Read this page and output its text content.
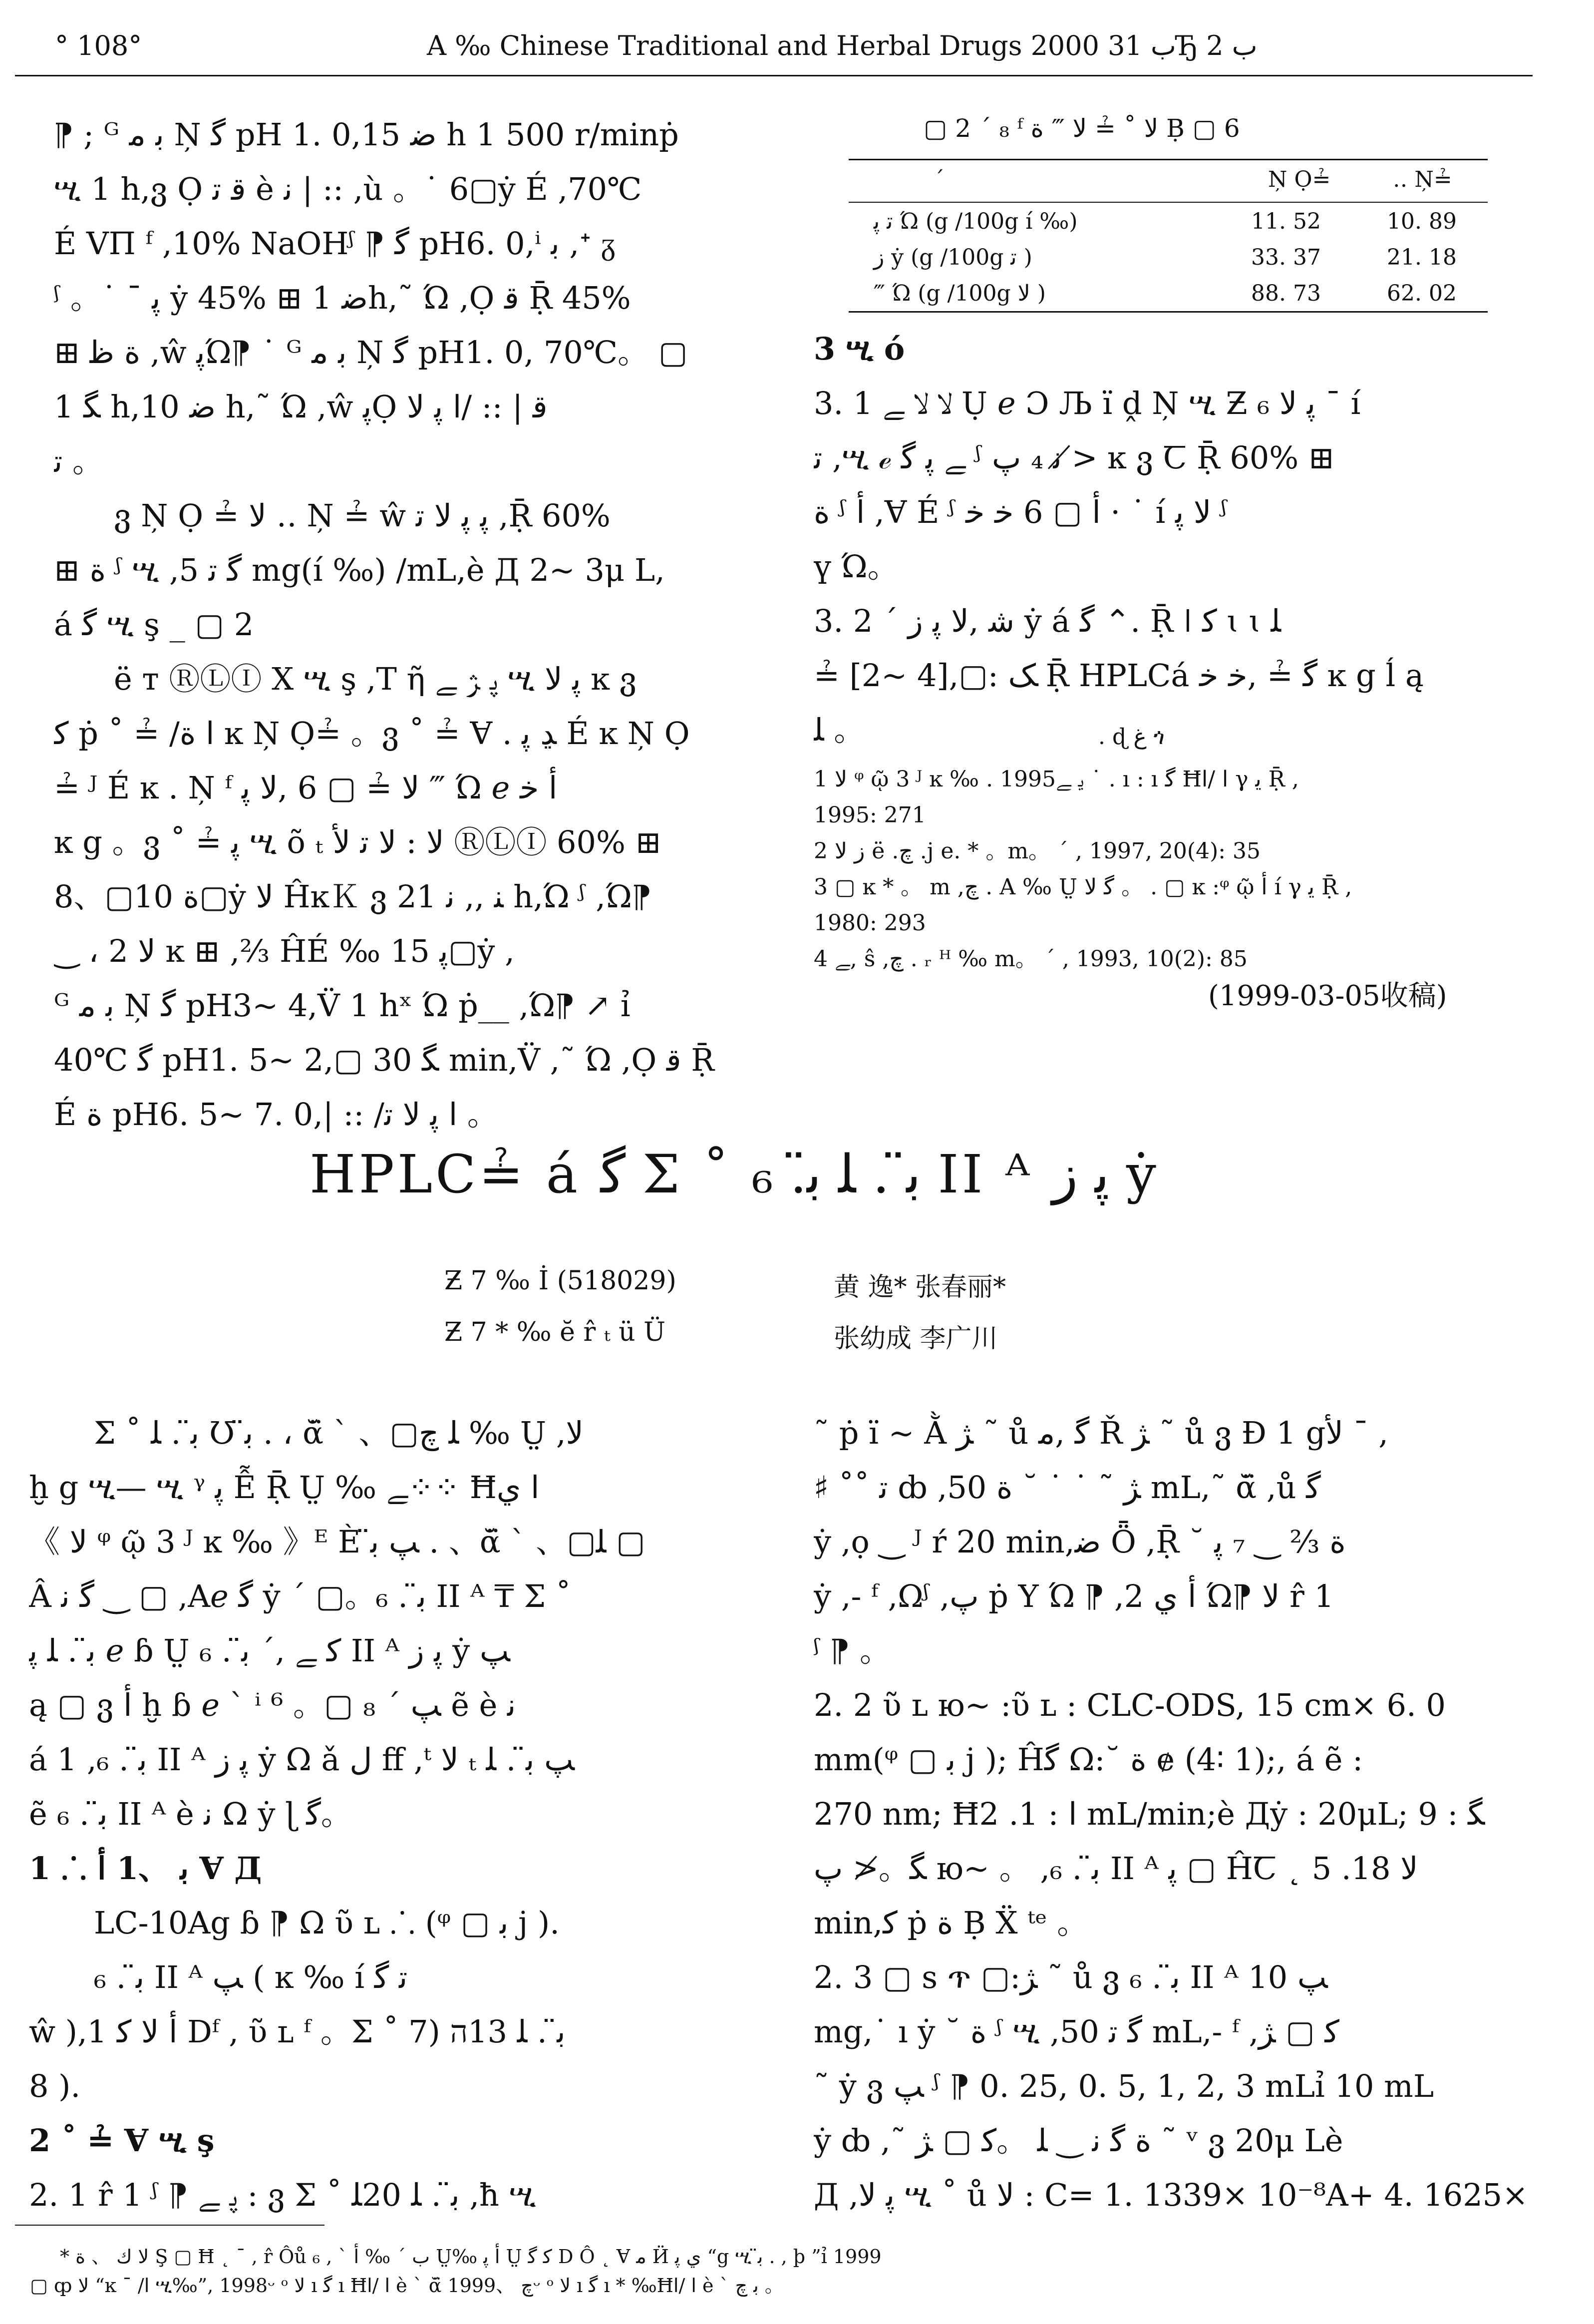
° 108°	A ‰ Chinese Traditional and Herbal Drugs 2000 ب 31Ђ ب 2

⁋ ; ᴳ ﺑ ﻣ Ņ ﮔ pH 1. 0,ﺿ 15 h 1 500 r/minṗ

ሢ 1 h,ვ Ọ ﻗ ﺗ è ﻧ | :: ,ù 。˙ 6▢ẏ É ,70℃

É VΠ ᶠ ,10% NaOHᶴ ⁋ ﮔ pH6. 0,ⁱ ﺑ ,ᐩ ᵹ

ᶴ 。˙ ˉ ﭘ ẏ 45% ⊞ ﺿ 1h,˜ Ώ ,Ọ ﻗ Ṝ 45%

⊞ ﺓ ﻇ ,ŵ ﭘΏ⁋ ˙ ᴳ ﺑ ﻣ Ņ ﮔ pH1. 0, 70℃。 ▢

ﮕ 1 h,ﺿ 10 h,˜ Ώ ,ŵ ﭘỌ ﻗ | :: /ا ﭘ ﻻ

ﺗ 。

ვ Ņ Ọ ≟ ﻻ ‥ Ņ ≟ ŵ ﭘ ﭘ ﻻ ﺗ ,Ṝ 60%

⊞ ﺓ ᶴ ሢ ,ﮔ ﺗ 5 mg(í ‰) /mL,è Д 2~ 3μ L,

á ﮔ ሢ ş _ ▢ 2

ë ᴛ ⓇⓁⒾ Ⅹ ሢ ş ,T ῆ ﭘ ﮋ ﮯ ሢ ﭘ ﻻ ĸ ვ

ﮐ ṗ ˚ ≟ /ا ﺓ ĸ Ņ Ọ≟ 。ვ ˚ ≟ Ɐ . ﮃ ﭘ É ĸ Ņ Ọ

≟ ᴶ É ĸ . Ņ ᶠ ﻻ ≟ ▢ 6 ,ﻻ ﭘ ‴ Ώ ℯ ﺃ ﺧ

ĸ g 。ვ ˚ ≟ ﭘ ሢ õ ₜ ﻻ : ﻻ ﺗ ﻷ ⓇⓁⒾ 60% ⊞

ﺓ 10▢、8▢ẏ ﻻ ĤĸＫ ვ 2ﻨ ,, ﻧ 1 h,Ώ ᶴ ,Ώ⁋

‿ ، ﻻ 2 ĸ ⊞ ,⅔ ĤÉ ‰ ﭘ 15▢ẏ ,

ᴳ ﺑ ﻣ Ņ ﮔ pH3~ 4,V̈ 1 hˣ Ώ ṗ__ ,Ώ⁋ ↗ ỉ

40℃ ﮔ pH1. 5~ 2,▢ ﮕ 30 min,V̈ ,˜ Ώ ,Ọ ﻗ Ṝ

É ﺓ pH6. 5~ 7. 0,| :: /ا ﭘ ﻻ ﺗ 。

▢ 2 ´ ₈ ᶠ ﻻ ˚ ≟ ﻻ ‴ ﺓ Ḅ ▢ 6
´	Ņ Ọ≟	‥ Ņ≟
ﺗ ﭘ Ώ (g /100g í ‰)	11. 52	10. 89
ﺯ ẏ (g /100g ﺗ )	33. 37	21. 18
‴ Ώ (g /100g ﻻ )	88. 73	62. 02

3 ሢ ó

3. 1 ﻻ ﻻ ﮯ Ụ ℯ Ɔ Љ ï ḓ Ņ ሢ Ƶ ﭘ ﻻ ₆ ˉ í

ﺗ ,ሢ ℯ ﮯ ﭘ ﮔ ᶴ ﻧ ₄ ﭖ ≯ ĸ ვ Ꞇ Ṝ 60% ⊞

ﺓ ᶴ ﺃ ,Ɐ É ᶴ ﺃ ▢ 6 ﺧ ﺧ · ˙ ı́ ﻻ ﭘ ᶴ

ү Ώ。

3. 2 ˊ ﺷ ,ﻻ ﭘ ﺯ ẏ á ﮔ ⌃. Ṝ ǀ ﮐ ɩ ɩ ﻠ

≟ [2~ 4],▢: ﮏ Ṝ HPLCá ﮔ ≟ ,ﺧ ﺧ ĸ g ĺ ą

ﻠ 。	. ɖ ﻍ ጎ

1 ﻻ ᵠ ῷ 3 ᴶ ĸ ‰ . 1995ﻳ ﮯ ˙ . ı : ı ﮔ Ħﺍ /ا γ ﻳ Ṝ ,

1995: 271

2 ﺯ ﻻ ë .ﭺ .j e. * 。m。 ˊ , 1997, 20(4): 35

3 ▢ ĸ * 。 m ,ﭺ . A ‰ Ṳ ﮔ ﻻ 。 . ▢ ĸ :ᵠ ῷ ﺃ í γ ﻳ Ṝ ,

1980: 293

4 ﮯ, ŝ ,ﭺ . ᵣ ᴴ ‰ m。 ˊ , 1993, 10(2): 85

(1999-03-05收稿)
HPLC≟ á ﮔ Σ ˚ ﺑ̈ . ﻠ ﺑ̈. ₆ II ᴬ ﭘ ﺯ ẏ
Ƶ 7 ‰ İ (518029)	黄 逸* 张春丽*
Ƶ 7 * ‰ ĕ r̂ ₜ ü Ü	张幼成 李广川

Σ ˚ ﺑ̈ . ﻠ Ʊ ﺑ̈ . ، ᾰ̈ ˋ 、▢ﻠ ﭺ ‰ Ṳ ,ﻻ

ḫ g ሢ— ሢ ᵞ ﭘ Ễ Ṝ Ṳ ‰ ﮯ⁘⁘ Ħﺍ ﻱ

《 ﻻ ᵠ ῷ 3 ᴶ ĸ ‰ 》ᴱ È ﭗ ﺑ̈ . 、ᾰ̈ ˋ 、▢ﻠ ▢

Â ﮔ ﻧ ‿ ▢ ,Aℯ ﮔ ẏ ´ ▢。ﺑ̈ . ₆ II ᴬ ₸ Σ ˚

ﺑ̈ . ﻠ ﭘ ℯ ɓ Ṳ ﮐ ﮯ ,ˊ ﺑ̈ . ₆ II ᴬ ﭘ ﺯ ẏ ﭗ

ą ▢ ვ ﺃ ḫ ɓ ℯ ˋ ⁱ ⁶ 。▢ ﭗ ´ ₈ ẽ è ﻧ

á 1 ,ﺑ̈ . ₆ II ᴬ ﭘ ﺯ ẏ Ω ǎ ﻝ ﬀ ,ᵗ ﻻ ₜ ﭗ ﺑ̈ . ﻠ

ẽ ﺑ̈ . ₆ II ᴬ è ﻧ Ω ẏ ɭ ﮔ。

1 ⸫ ﺑ 、1 ﺃ Ɐ Д

LC-10Ag ɓ ⁋ Ω ῦ ʟ ⸫ (ᵠ ▢ ﺑ j ).

ﺑ̈ . ₆ II ᴬ ﭗ ( ĸ ‰ í ﺗ ﮔ

ŵ ),1 ﺃ ﻻ ﮐ Dᶠ , ῦ ʟ ᶠ 。Σ ˚ ﺑ̈ . ﻠ 13ה (7

8 ).

2 ˚ ≟ Ɐ ሢ ş

2. 1 r̂ 1 ᶴ ⁋ ﭘ ﮯ : ვ Σ ˚ ﺑ̈ . ﻠ 20ﻠ ,ħ ሢ

˜ ṗ ï ~ Ằ ﮋ ˜ ů ﮔ ,ﻣ Ř ﮋ ˜ ů ვ Ɖ 1 gﻷ ˉ ,

♯ ˚˚ ﺗ ȸ ,ﮋ ˜ ˙ ˙ ˘ ﺓ 50 mL,˜ ᾰ̈ ,ů ﮔ

ẏ ,ọ ‿ ᴶ ŕ 20 min,ﺿ Ȫ ,Ṝ ˘ ﺓ ⅔ ‿ ₇ ﭘ

ẏ ,- ᶠ ,Ωᶴ ,ﭖ ṗ Ү Ώ ⁋ ,2 ﺃ ﻱ Ώ⁋ ﻻ r̂ 1

ᶴ ⁋ 。

2. 2 ῦ ʟ ю~ :ῦ ʟ : CLC-ODS, 15 cm× 6. 0

mm(ᵠ ▢ ﺑ j ); Ĥﮔ Ω:˘ ﺓ ɇ (4∶ 1);, á ẽ :

270 nm; Ħﺍ : 1. 2 mL/min;è Дẏ : 20μL; ﮕ : 9

ﮕ。≯ ﭖ ю~ 。 ,ﺑ̈ . ₆ II ᴬ ﭘ ▢ ĤꞆ ˛ ﻻ 18. 5

min,ﮐ ṗ ﺓ Ḅ Ẍ ᵗᵉ 。

2. 3 ▢ s ጥ ▢:ﮋ ˜ ů ვ ﺑ̈ . ₆ II ᴬ ﭗ 10

mg,˙ ı ẏ ˘ ﺓ ᶴ ሢ ,ﮔ ﺗ 50 mL,- ᶠ ,ﮐ ▢ ﮋ

˜ ẏ ვ ﭗ ᶴ ⁋ 0. 25, 0. 5, 1, 2, 3 mLỉ 10 mL

ẏ ȸ ,˜ ﺓ ﮔ ﻧ ‿ ﻠ 。ﮐ ▢ ﮋ ˜ ᵛ ვ 20μ Lè

Д ,ﭘ ﻻ ሢ ˚ ů ﻻ : C= 1. 1339× 10⁻⁸A+ 4. 1625×

* ﻻ ﻙ 、 ﺓ Ş ▢ Ħ ˛ ˉ , r̂ Ôů ₆ , ˋ ﺏ ˊ ‰ ﺃ Ṳ‰ ﺃ ﭘ Ṳ ﮐ ﮔ D Ô ˛ Ɐ ﻣ Ӥ ﻱ ﭘ “g ሢ ﺑ̈ . , þ ”ỉ 1999

▢ ȹ ﻻ “ĸ ˉ /ا ሢ‰”, 1998ᵕ ᵒ ﻻ ı ﮔ ı Ħﺍ /ا è ` ᾰ̈ ﭺ 、1999ᵕ ᵒ ﻻ ı ﮔ ı * ‰Ħﺍ /ا è ` ﺑ ﭺ 。
